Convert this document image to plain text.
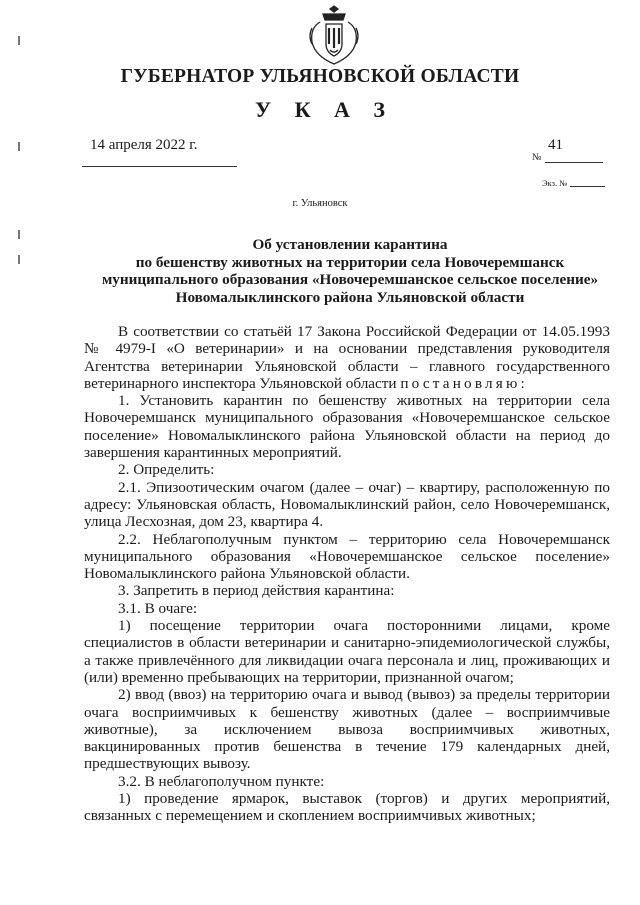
ГУБЕРНАТОР УЛЬЯНОВСКОЙ ОБЛАСТИ
У К А З
14 апреля 2022 г.	41
№
Экз. №
г. Ульяновск
Об установлении карантина
по бешенству животных на территории села Новочеремшанск
муниципального образования «Новочеремшанское сельское поселение»
Новомалыклинского района Ульяновской области

В соответствии со статьёй 17 Закона Российской Федерации от 14.05.1993 № 4979-I «О ветеринарии» и на основании представления руководителя Агентства ветеринарии Ульяновской области – главного государственного ветеринарного инспектора Ульяновской области постановляю:

1. Установить карантин по бешенству животных на территории села Новочеремшанск муниципального образования «Новочеремшанское сельское поселение» Новомалыклинского района Ульяновской области на период до завершения карантинных мероприятий.

2. Определить:

2.1. Эпизоотическим очагом (далее – очаг) – квартиру, расположенную по адресу: Ульяновская область, Новомалыклинский район, село Новочеремшанск, улица Лесхозная, дом 23, квартира 4.

2.2. Неблагополучным пунктом – территорию села Новочеремшанск муниципального образования «Новочеремшанское сельское поселение» Новомалыклинского района Ульяновской области.

3. Запретить в период действия карантина:

3.1. В очаге:

1) посещение территории очага посторонними лицами, кроме специалистов в области ветеринарии и санитарно-эпидемиологической службы, а также привлечённого для ликвидации очага персонала и лиц, проживающих и (или) временно пребывающих на территории, признанной очагом;

2) ввод (ввоз) на территорию очага и вывод (вывоз) за пределы территории очага восприимчивых к бешенству животных (далее – восприимчивые животные), за исключением вывоза восприимчивых животных, вакцинированных против бешенства в течение 179 календарных дней, предшествующих вывозу.

3.2. В неблагополучном пункте:

1) проведение ярмарок, выставок (торгов) и других мероприятий, связанных с перемещением и скоплением восприимчивых животных;
